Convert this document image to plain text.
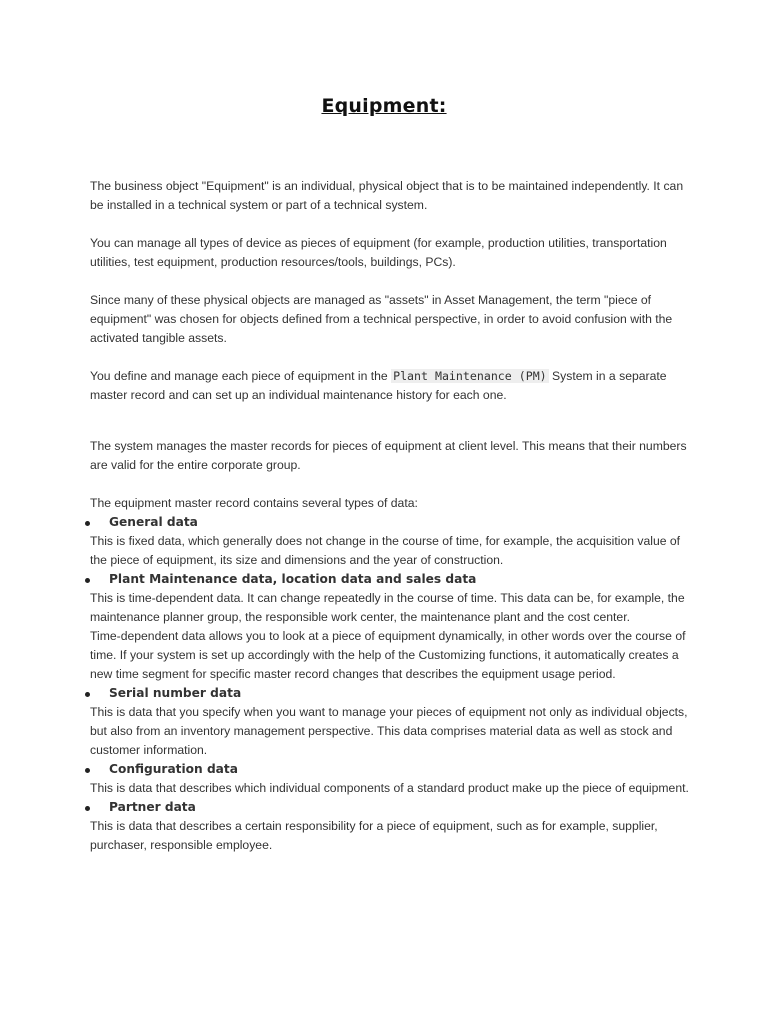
Equipment:

The business object "Equipment" is an individual, physical object that is to be maintained independently. It can be installed in a technical system or part of a technical system.

You can manage all types of device as pieces of equipment (for example, production utilities, transportation utilities, test equipment, production resources/tools, buildings, PCs).

Since many of these physical objects are managed as "assets" in Asset Management, the term "piece of equipment" was chosen for objects defined from a technical perspective, in order to avoid confusion with the activated tangible assets.

You define and manage each piece of equipment in the Plant Maintenance (PM) System in a separate master record and can set up an individual maintenance history for each one.

The system manages the master records for pieces of equipment at client level. This means that their numbers are valid for the entire corporate group.

The equipment master record contains several types of data:

General data

This is fixed data, which generally does not change in the course of time, for example, the acquisition value of the piece of equipment, its size and dimensions and the year of construction.

Plant Maintenance data, location data and sales data

This is time-dependent data. It can change repeatedly in the course of time. This data can be, for example, the maintenance planner group, the responsible work center, the maintenance plant and the cost center.

Time-dependent data allows you to look at a piece of equipment dynamically, in other words over the course of time. If your system is set up accordingly with the help of the Customizing functions, it automatically creates a new time segment for specific master record changes that describes the equipment usage period.

Serial number data

This is data that you specify when you want to manage your pieces of equipment not only as individual objects, but also from an inventory management perspective. This data comprises material data as well as stock and customer information.

Configuration data

This is data that describes which individual components of a standard product make up the piece of equipment.

Partner data

This is data that describes a certain responsibility for a piece of equipment, such as for example, supplier, purchaser, responsible employee.
